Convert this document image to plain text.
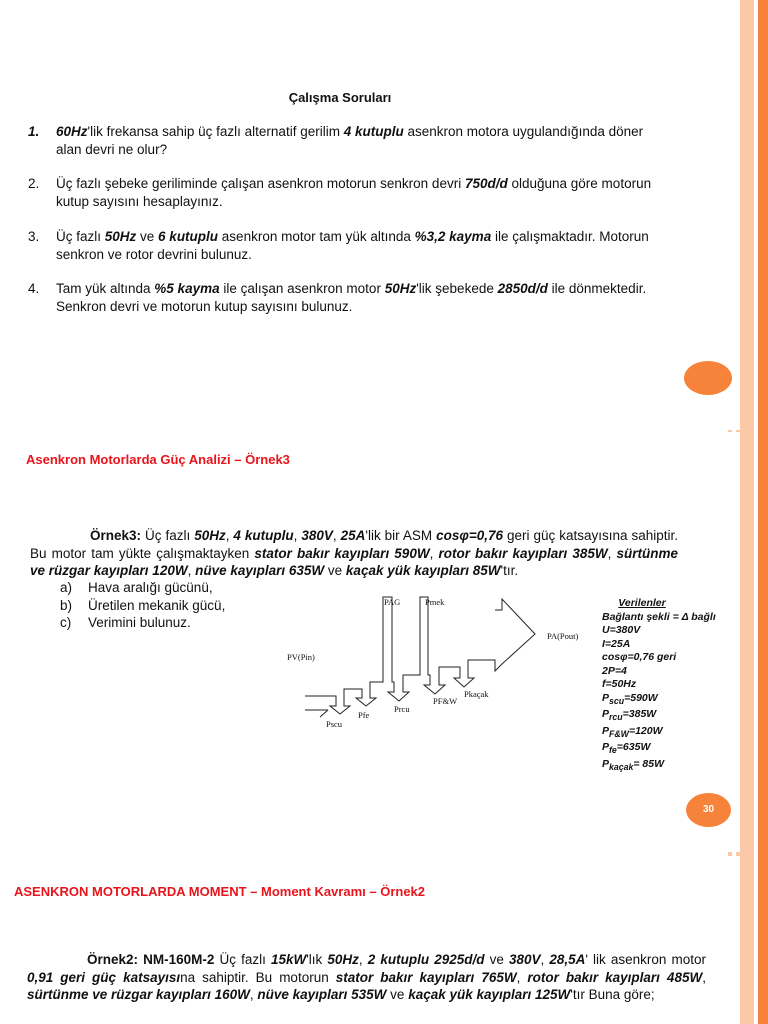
Çalışma Soruları
1. 60Hz'lik frekansa sahip üç fazlı alternatif gerilim 4 kutuplu asenkron motora uygulandığında döner alan devri ne olur?
2. Üç fazlı şebeke geriliminde çalışan asenkron motorun senkron devri 750d/d olduğuna göre motorun kutup sayısını hesaplayınız.
3. Üç fazlı 50Hz ve 6 kutuplu asenkron motor tam yük altında %3,2 kayma ile çalışmaktadır. Motorun senkron ve rotor devrini bulunuz.
4. Tam yük altında %5 kayma ile çalışan asenkron motor 50Hz'lik şebekede 2850d/d ile dönmektedir. Senkron devri ve motorun kutup sayısını bulunuz.
Asenkron Motorlarda Güç Analizi – Örnek3
Örnek3: Üç fazlı 50Hz, 4 kutuplu, 380V, 25A'lik bir ASM cosφ=0,76 geri güç katsayısına sahiptir. Bu motor tam yükte çalışmaktayken stator bakır kayıpları 590W, rotor bakır kayıpları 385W, sürtünme ve rüzgar kayıpları 120W, nüve kayıpları 635W ve kaçak yük kayıpları 85W'tır.
a) Hava aralığı gücünü,
b) Üretilen mekanik gücü,
c) Verimini bulunuz.
PAG	Pmek
PV(Pin)
PA(Pout)
Pscu
Pfe
Prcu
PF&W
Pkaçak
Verilenler
Bağlantı şekli = Δ bağlı
U=380V
I=25A
cosφ=0,76 geri
2P=4
f=50Hz
$P_{scu}=590W$
$P_{rcu}=385W$
$P_{F\&W}=120W$
$P_{fe}=635W$
$P_{kaçak}= 85W$
30
ASENKRON MOTORLARDA MOMENT – Moment Kavramı – Örnek2
Örnek2: NM-160M-2 Üç fazlı 15kW'lık 50Hz, 2 kutuplu 2925d/d ve 380V, 28,5A' lik asenkron motor 0,91 geri güç katsayısına sahiptir. Bu motorun stator bakır kayıpları 765W, rotor bakır kayıpları 485W, sürtünme ve rüzgar kayıpları 160W, nüve kayıpları 535W ve kaçak yük kayıpları 125W'tır Buna göre;
